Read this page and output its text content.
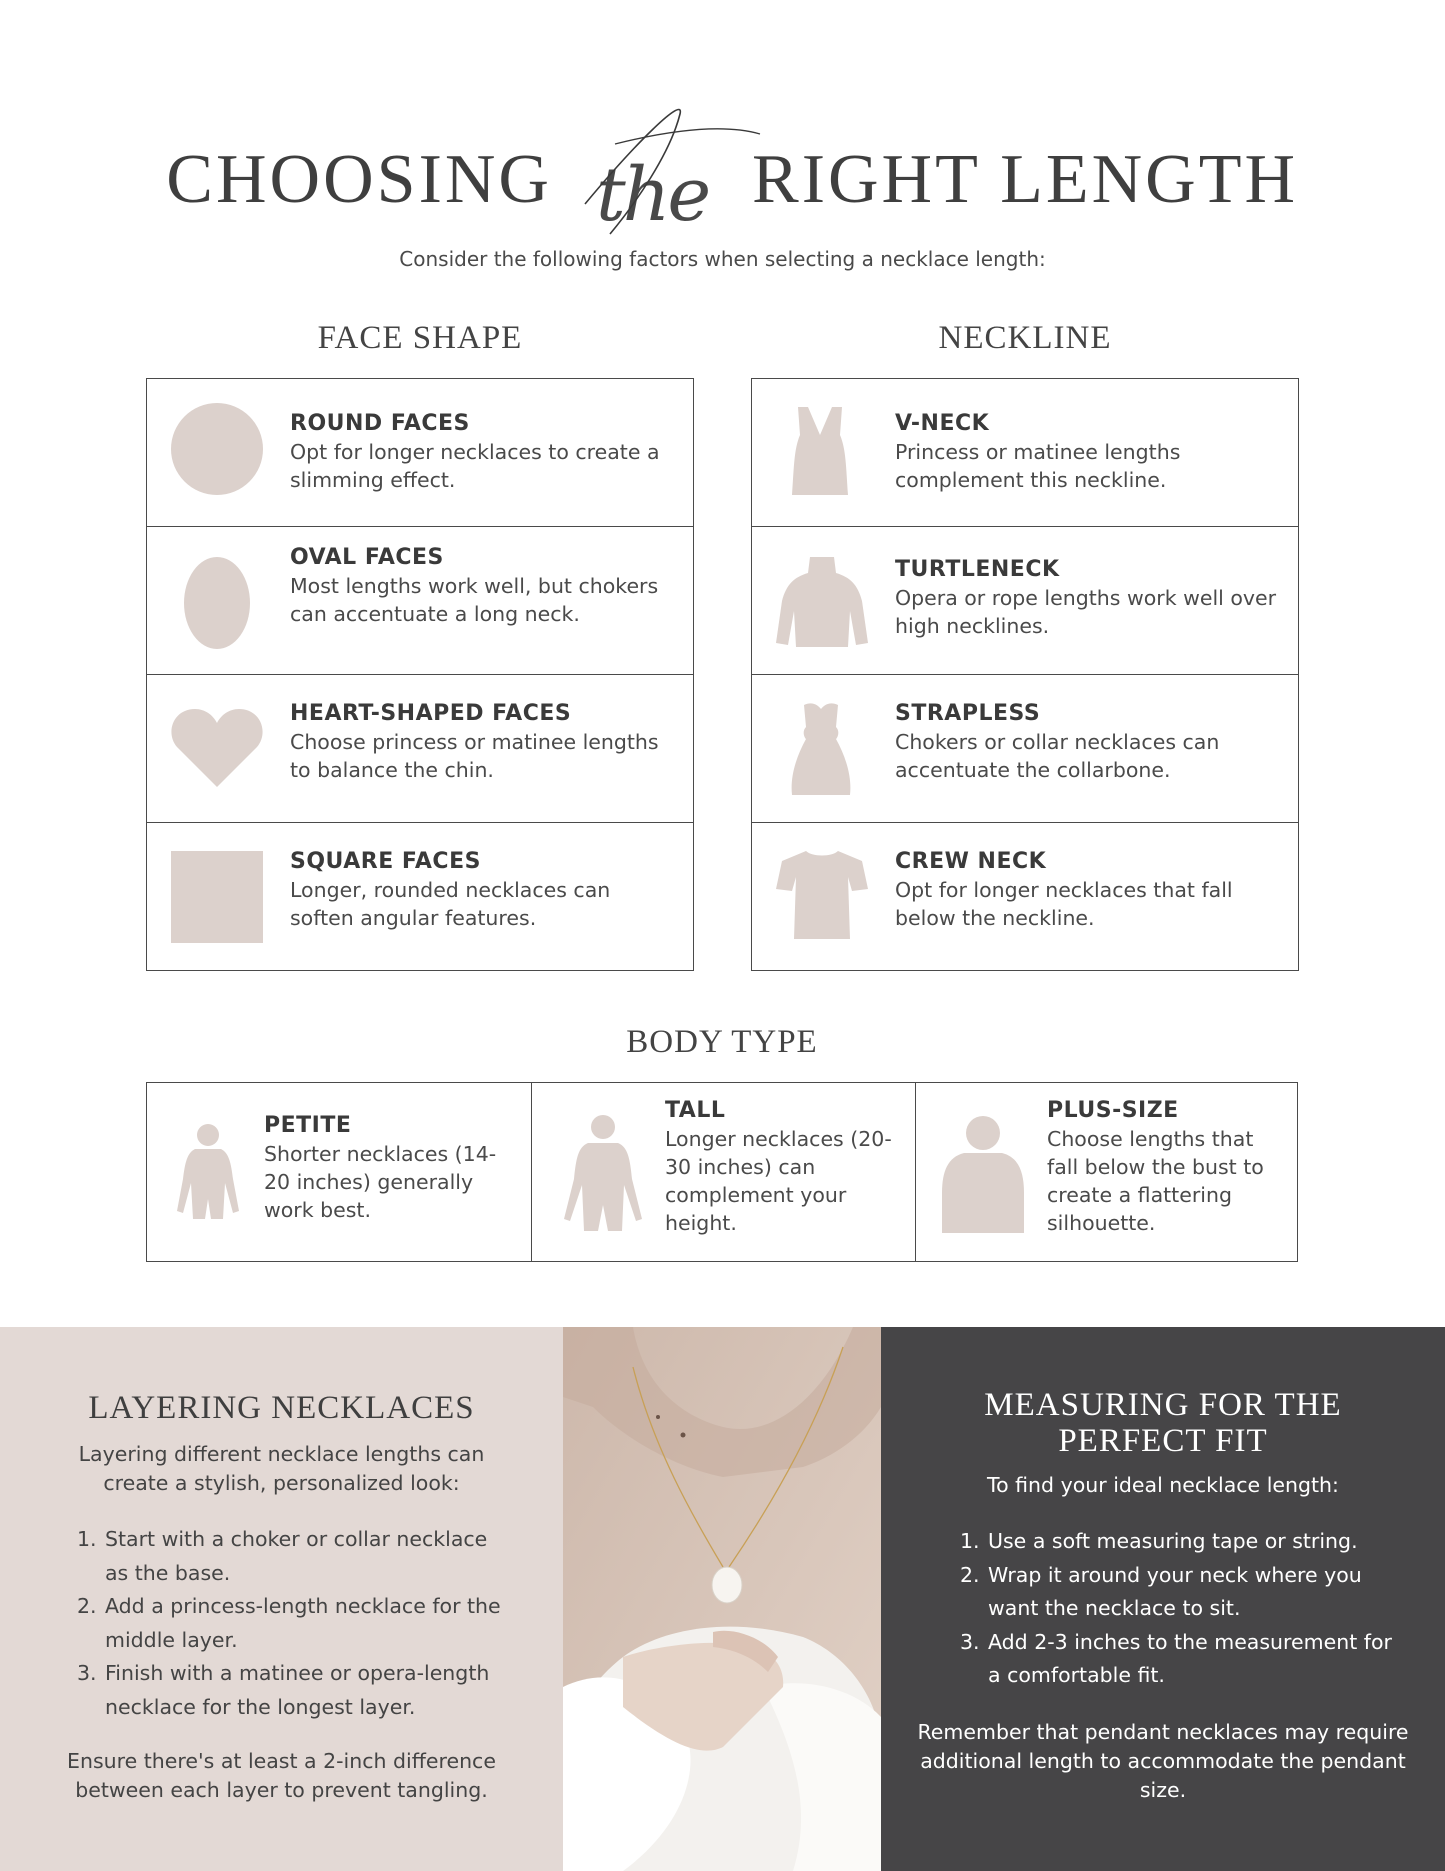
CHOOSING the RIGHT LENGTH
Consider the following factors when selecting a necklace length:
FACE SHAPE

ROUND FACES

Opt for longer necklaces to create a slimming effect.

OVAL FACES

Most lengths work well, but chokers can accentuate a long neck.

HEART-SHAPED FACES

Choose princess or matinee lengths to balance the chin.

SQUARE FACES

Longer, rounded necklaces can soften angular features.

NECKLINE

V-NECK

Princess or matinee lengths complement this neckline.

TURTLENECK

Opera or rope lengths work well over high necklines.

STRAPLESS

Chokers or collar necklaces can accentuate the collarbone.

CREW NECK

Opt for longer necklaces that fall below the neckline.

BODY TYPE

PETITE

Shorter necklaces (14-20 inches) generally work best.

TALL

Longer necklaces (20-30 inches) can complement your height.

PLUS-SIZE

Choose lengths that fall below the bust to create a flattering silhouette.

LAYERING NECKLACES
Layering different necklace lengths can create a stylish, personalized look:
1. Start with a choker or collar necklace as the base.
2. Add a princess-length necklace for the middle layer.
3. Finish with a matinee or opera-length necklace for the longest layer.
Ensure there's at least a 2-inch difference between each layer to prevent tangling.
MEASURING FOR THE PERFECT FIT
To find your ideal necklace length:
1. Use a soft measuring tape or string.
2. Wrap it around your neck where you want the necklace to sit.
3. Add 2-3 inches to the measurement for a comfortable fit.
Remember that pendant necklaces may require additional length to accommodate the pendant size.
